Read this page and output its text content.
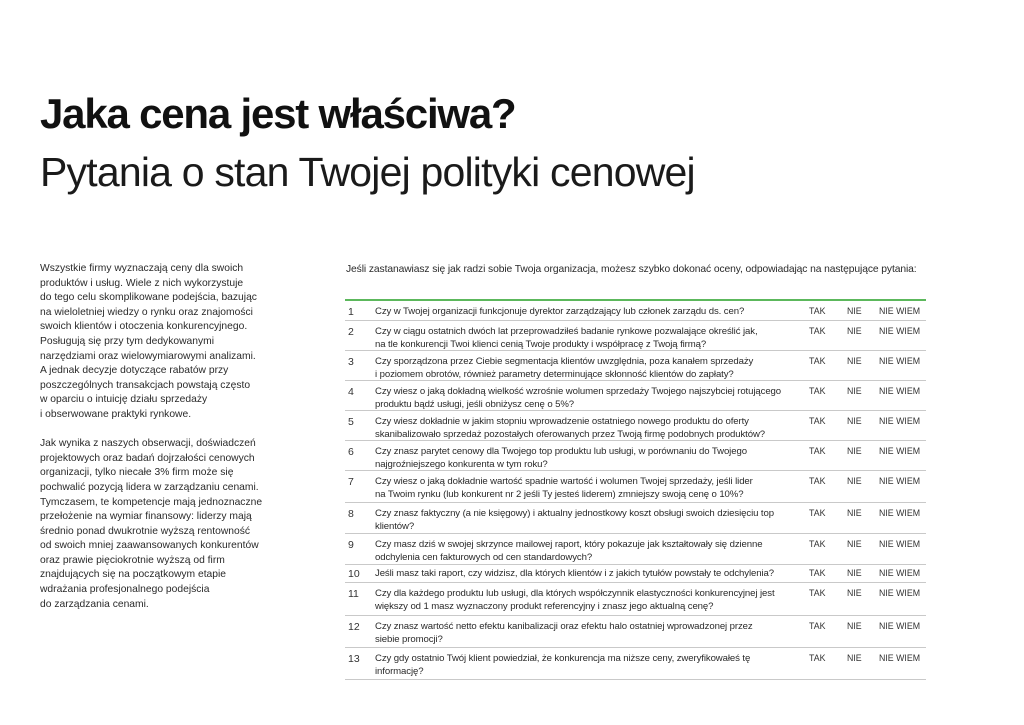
Jaka cena jest właściwa?
Pytania o stan Twojej polityki cenowej

Wszystkie firmy wyznaczają ceny dla swoich
produktów i usług. Wiele z nich wykorzystuje
do tego celu skomplikowane podejścia, bazując
na wieloletniej wiedzy o rynku oraz znajomości
swoich klientów i otoczenia konkurencyjnego.
Posługują się przy tym dedykowanymi
narzędziami oraz wielowymiarowymi analizami.
A jednak decyzje dotyczące rabatów przy
poszczególnych transakcjach powstają często
w oparciu o intuicję działu sprzedaży
i obserwowane praktyki rynkowe.

Jak wynika z naszych obserwacji, doświadczeń
projektowych oraz badań dojrzałości cenowych
organizacji, tylko niecałe 3% firm może się
pochwalić pozycją lidera w zarządzaniu cenami.
Tymczasem, te kompetencje mają jednoznaczne
przełożenie na wymiar finansowy: liderzy mają
średnio ponad dwukrotnie wyższą rentowność
od swoich mniej zaawansowanych konkurentów
oraz prawie pięciokrotnie wyższą od firm
znajdujących się na początkowym etapie
wdrażania profesjonalnego podejścia
do zarządzania cenami.

Jeśli zastanawiasz się jak radzi sobie Twoja organizacja, możesz szybko dokonać oceny, odpowiadając na następujące pytania:
1 Czy w Twojej organizacji funkcjonuje dyrektor zarządzający lub członek zarządu ds. cen?	TAK NIE NIE WIEM
2 Czy w ciągu ostatnich dwóch lat przeprowadziłeś badanie rynkowe pozwalające określić jak,
na tle konkurencji Twoi klienci cenią Twoje produkty i współpracę z Twoją firmą?
TAK NIE NIE WIEM
3 Czy sporządzona przez Ciebie segmentacja klientów uwzględnia, poza kanałem sprzedaży
i poziomem obrotów, również parametry determinujące skłonność klientów do zapłaty?
TAK NIE NIE WIEM
4 Czy wiesz o jaką dokładną wielkość wzrośnie wolumen sprzedaży Twojego najszybciej rotującego
produktu bądź usługi, jeśli obniżysz cenę o 5%?
TAK NIE NIE WIEM
5 Czy wiesz dokładnie w jakim stopniu wprowadzenie ostatniego nowego produktu do oferty
skanibalizowało sprzedaż pozostałych oferowanych przez Twoją firmę podobnych produktów?
TAK NIE NIE WIEM
6 Czy znasz parytet cenowy dla Twojego top produktu lub usługi, w porównaniu do Twojego
najgroźniejszego konkurenta w tym roku?
TAK NIE NIE WIEM
7 Czy wiesz o jaką dokładnie wartość spadnie wartość i wolumen Twojej sprzedaży, jeśli lider
na Twoim rynku (lub konkurent nr 2 jeśli Ty jesteś liderem) zmniejszy swoją cenę o 10%?
TAK NIE NIE WIEM
8 Czy znasz faktyczny (a nie księgowy) i aktualny jednostkowy koszt obsługi swoich dziesięciu top
klientów?
TAK NIE NIE WIEM
9 Czy masz dziś w swojej skrzynce mailowej raport, który pokazuje jak kształtowały się dzienne
odchylenia cen fakturowych od cen standardowych?
TAK NIE NIE WIEM
10 Jeśli masz taki raport, czy widzisz, dla których klientów i z jakich tytułów powstały te odchylenia?	TAK NIE NIE WIEM
11 Czy dla każdego produktu lub usługi, dla których współczynnik elastyczności konkurencyjnej jest
większy od 1 masz wyznaczony produkt referencyjny i znasz jego aktualną cenę?
TAK NIE NIE WIEM
12 Czy znasz wartość netto efektu kanibalizacji oraz efektu halo ostatniej wprowadzonej przez
siebie promocji?
TAK NIE NIE WIEM
13 Czy gdy ostatnio Twój klient powiedział, że konkurencja ma niższe ceny, zweryfikowałeś tę
informację?
TAK NIE NIE WIEM
